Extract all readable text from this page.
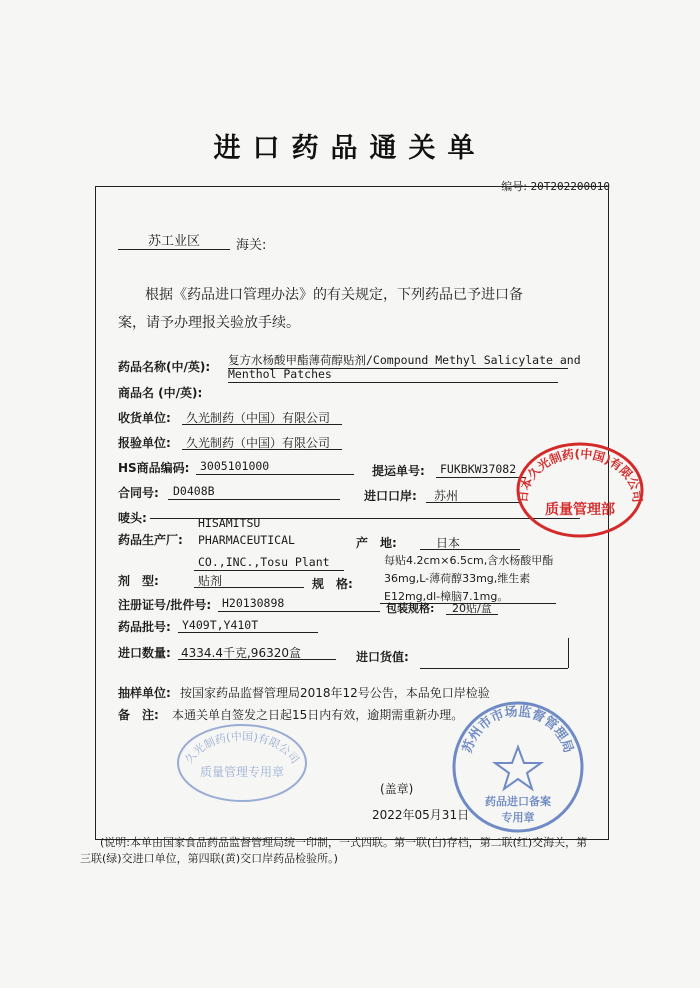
进口药品通关单
编号: 20T202200010
苏工业区	海关:
根据《药品进口管理办法》的有关规定，下列药品已予进口备
案，请予办理报关验放手续。
药品名称(中/英): 复方水杨酸甲酯薄荷醇贴剂/Compound Methyl Salicylate and
Menthol Patches
商品名 (中/英):
收货单位: 久光制药（中国）有限公司
报验单位: 久光制药（中国）有限公司
HS商品编码: 3005101000	提运单号: FUKBKW37082
合同号: D0408B	进口口岸: 苏州
唛头:
药品生产厂:
HISAMITSU
PHARMACEUTICAL
CO.,INC.,Tosu Plant
产　地:	日本
剂　型:	贴剂	规　格:
每贴4.2cm×6.5cm,含水杨酸甲酯
36mg,L-薄荷醇33mg,维生素
E12mg,dl-樟脑7.1mg。
注册证号/批件号: H20130898	包装规格: 20贴/盒
药品批号: Y409T,Y410T
进口数量: 4334.4千克,96320盒	进口货值:
抽样单位: 按国家药品监督管理局2018年12号公告，本品免口岸检验
备　注: 本通关单自签发之日起15日内有效，逾期需重新办理。
(盖章)
2022年05月31日
(说明:本单由国家食品药品监督管理局统一印制，一式四联。第一联(白)存档，第二联(红)交海关，第
三联(绿)交进口单位，第四联(黄)交口岸药品检验所。)
日本久光制药(中国)有限公司
质量管理部
久光制药(中国)有限公司
质量管理专用章
苏州市市场监督管理局
药品进口备案
专用章
